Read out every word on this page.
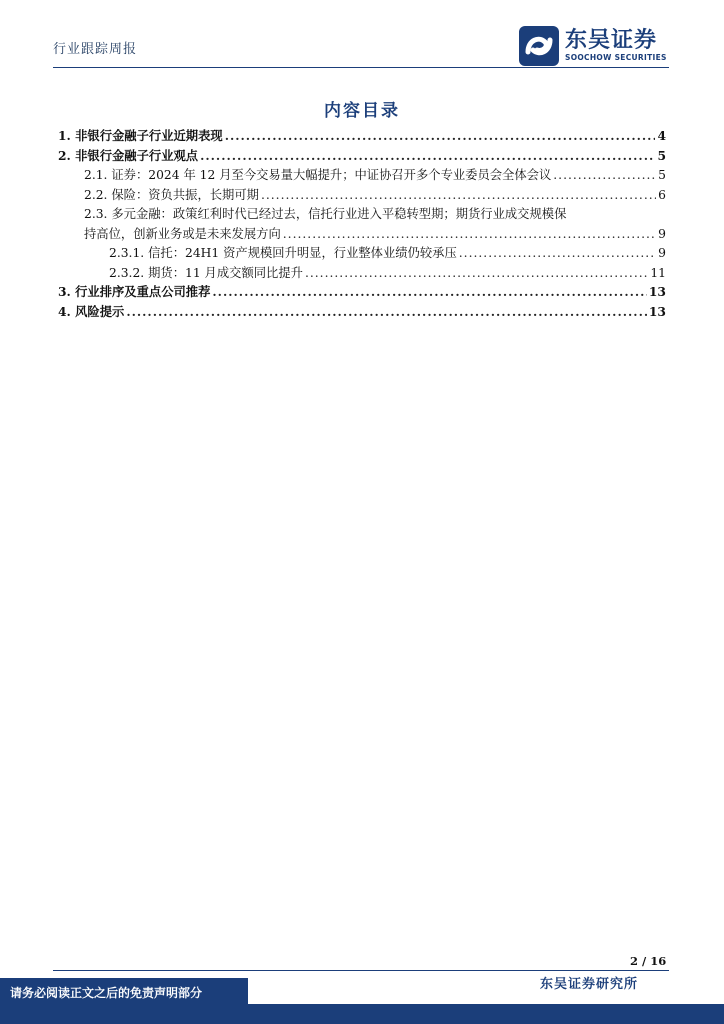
行业跟踪周报	东吴证券
SOOCHOW SECURITIES
内容目录
1. 非银行金融子行业近期表现 .....	4
2. 非银行金融子行业观点 .....	5
2.1. 证券：2024 年 12 月至今交易量大幅提升；中证协召开多个专业委员会全体会议 .....	5
2.2. 保险：资负共振，长期可期 .....	6
2.3. 多元金融：政策红利时代已经过去，信托行业进入平稳转型期；期货行业成交规模保
持高位，创新业务或是未来发展方向 .....	9
2.3.1. 信托：24H1 资产规模回升明显，行业整体业绩仍较承压 .....	9
2.3.2. 期货：11 月成交额同比提升 .....	11
3. 行业排序及重点公司推荐 .....	13
4. 风险提示 .....	13
2 / 16
请务必阅读正文之后的免责声明部分
东吴证券研究所
